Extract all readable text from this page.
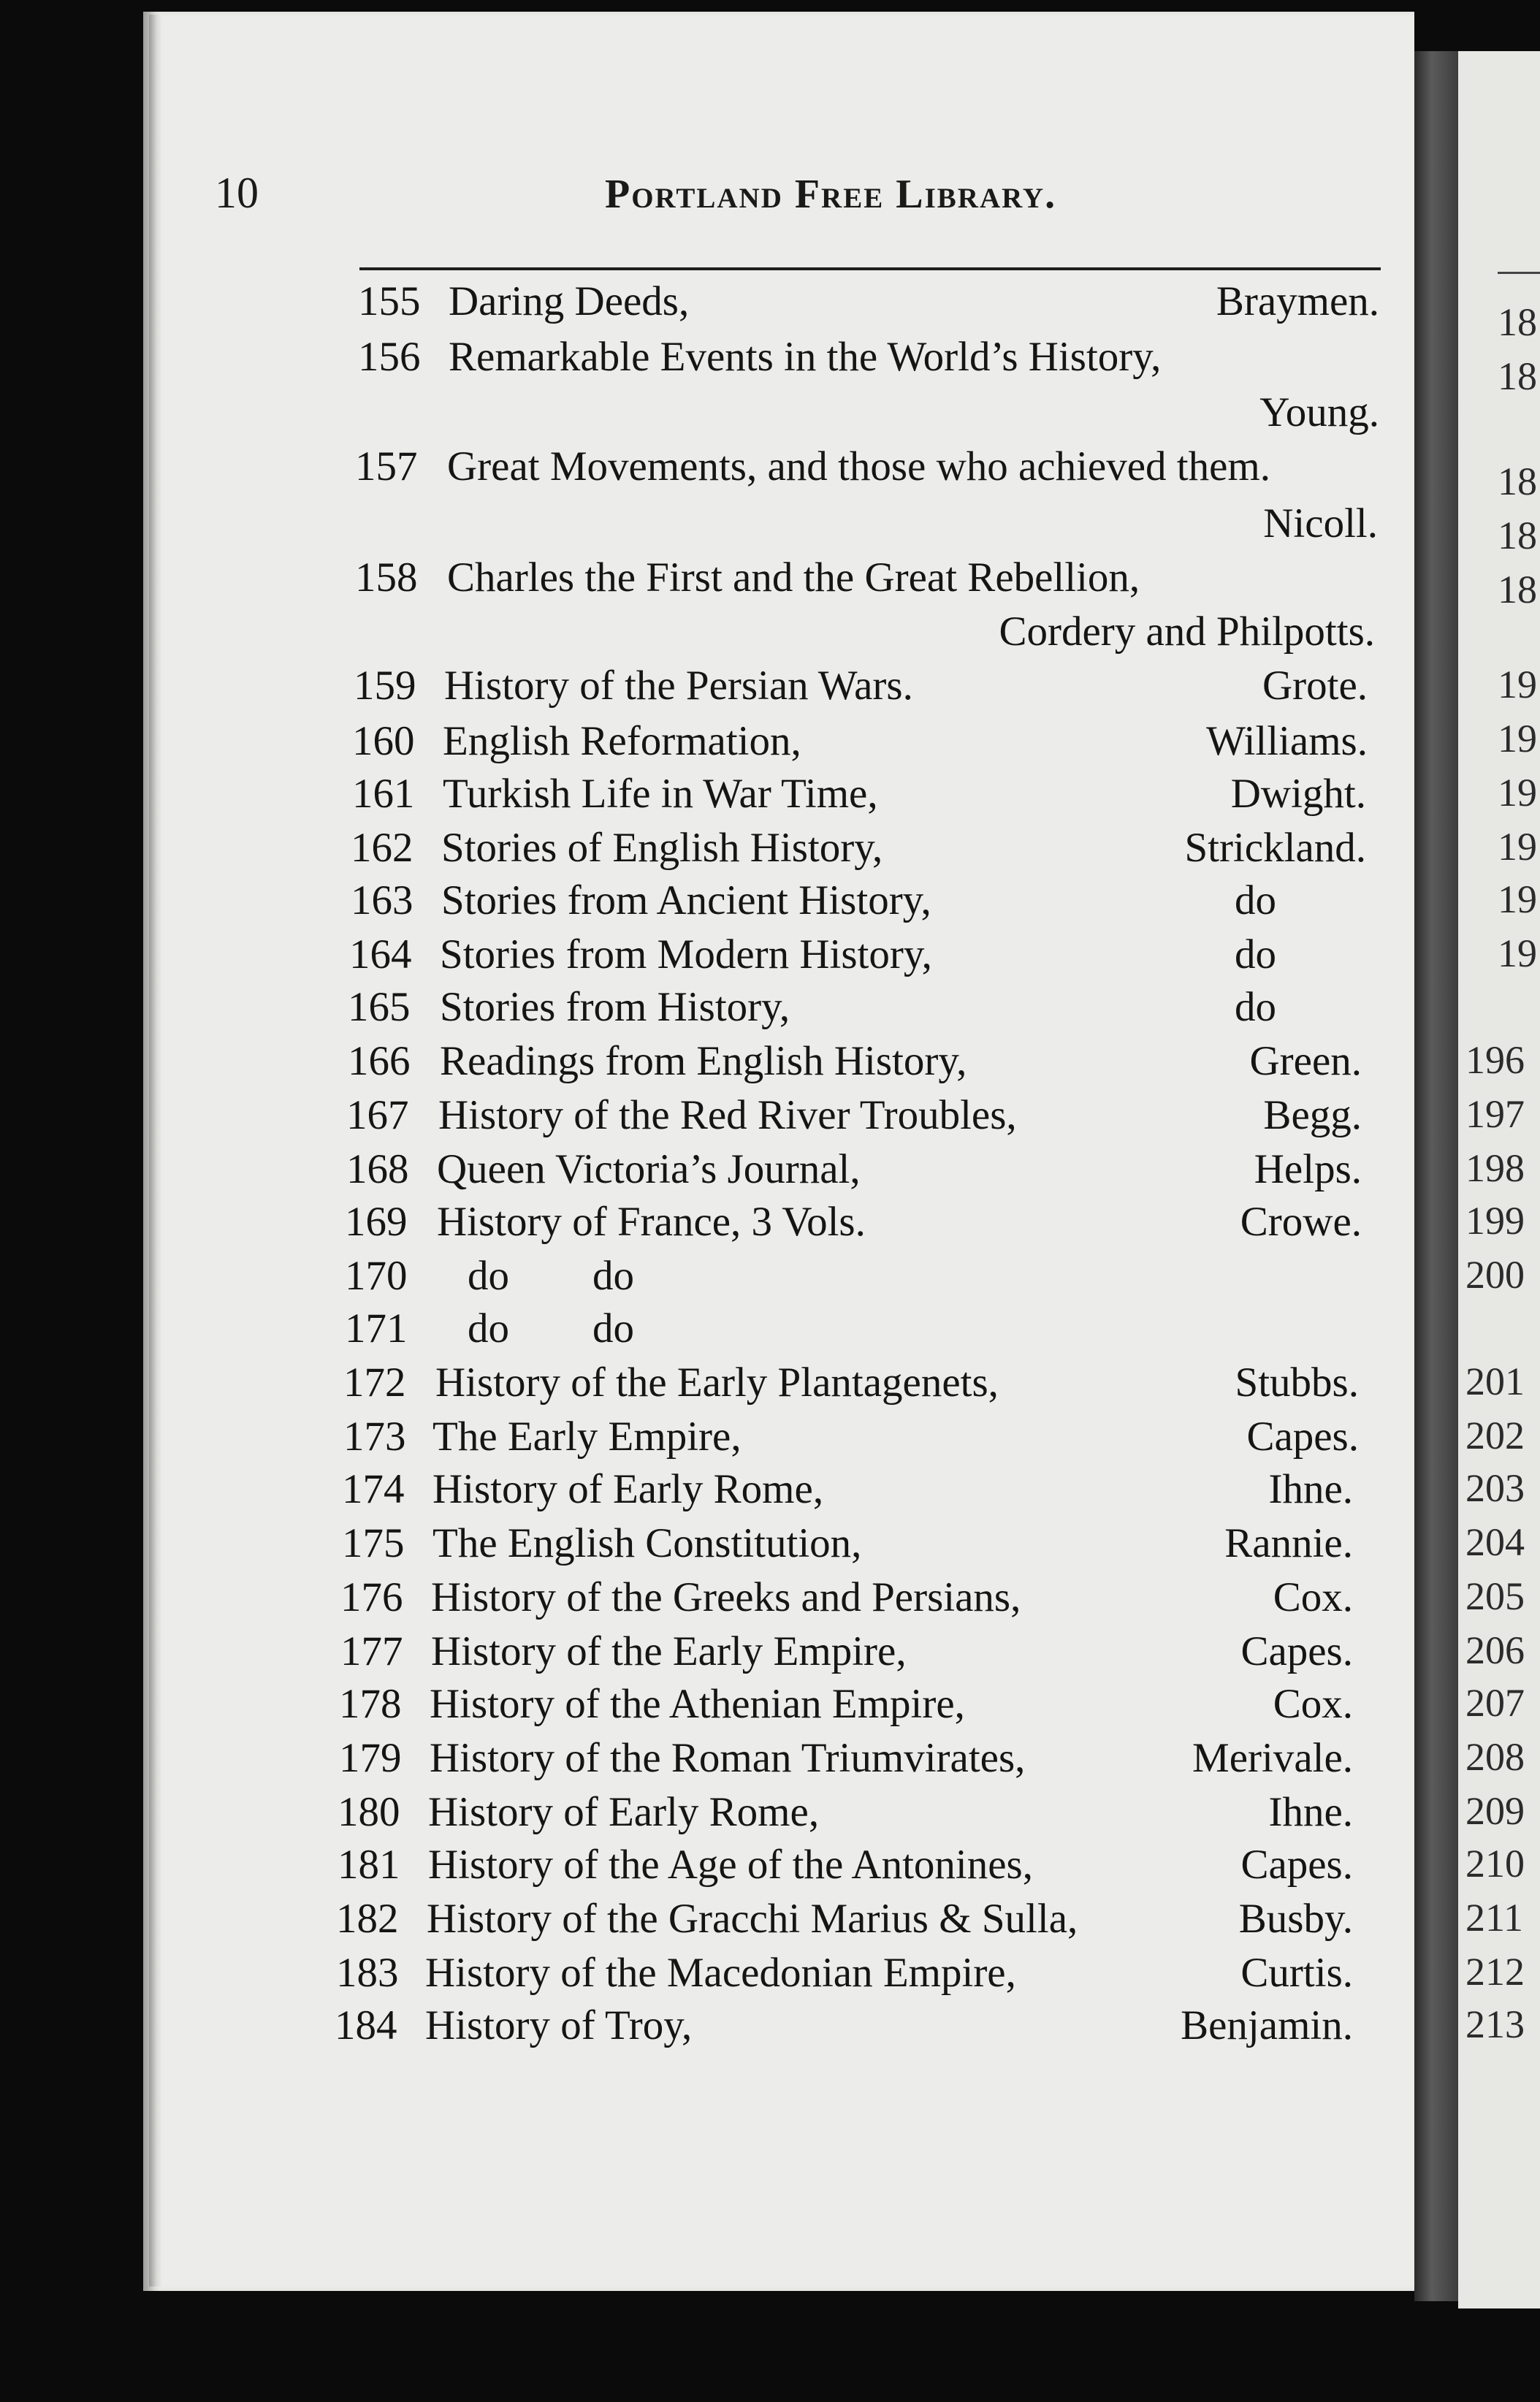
10	Portland Free Library.
155 Daring Deeds,	Braymen.
156 Remarkable Events in the World’s History,
Young.
157 Great Movements, and those who achieved them.
Nicoll.
158 Charles the First and the Great Rebellion,
Cordery and Philpotts.
159 History of the Persian Wars.	Grote.
160 English Reformation,	Williams.
161 Turkish Life in War Time,	Dwight.
162 Stories of English History,	Strickland.
163 Stories from Ancient History,	do
164 Stories from Modern History,	do
165 Stories from History,	do
166 Readings from English History,	Green.
167 History of the Red River Troubles,	Begg.
168 Queen Victoria’s Journal,	Helps.
169 History of France, 3 Vols.	Crowe.
170 do        do
171 do        do
172 History of the Early Plantagenets,	Stubbs.
173 The Early Empire,	Capes.
174 History of Early Rome,	Ihne.
175 The English Constitution,	Rannie.
176 History of the Greeks and Persians,	Cox.
177 History of the Early Empire,	Capes.
178 History of the Athenian Empire,	Cox.
179 History of the Roman Triumvirates,	Merivale.
180 History of Early Rome,	Ihne.
181 History of the Age of the Antonines,	Capes.
182 History of the Gracchi Marius & Sulla,	Busby.
183 History of the Macedonian Empire,	Curtis.
184 History of Troy,	Benjamin.
18
18
18
18
18
19
19
19
19
19
19
196
197
198
199
200
201
202
203
204
205
206
207
208
209
210
211
212
213
